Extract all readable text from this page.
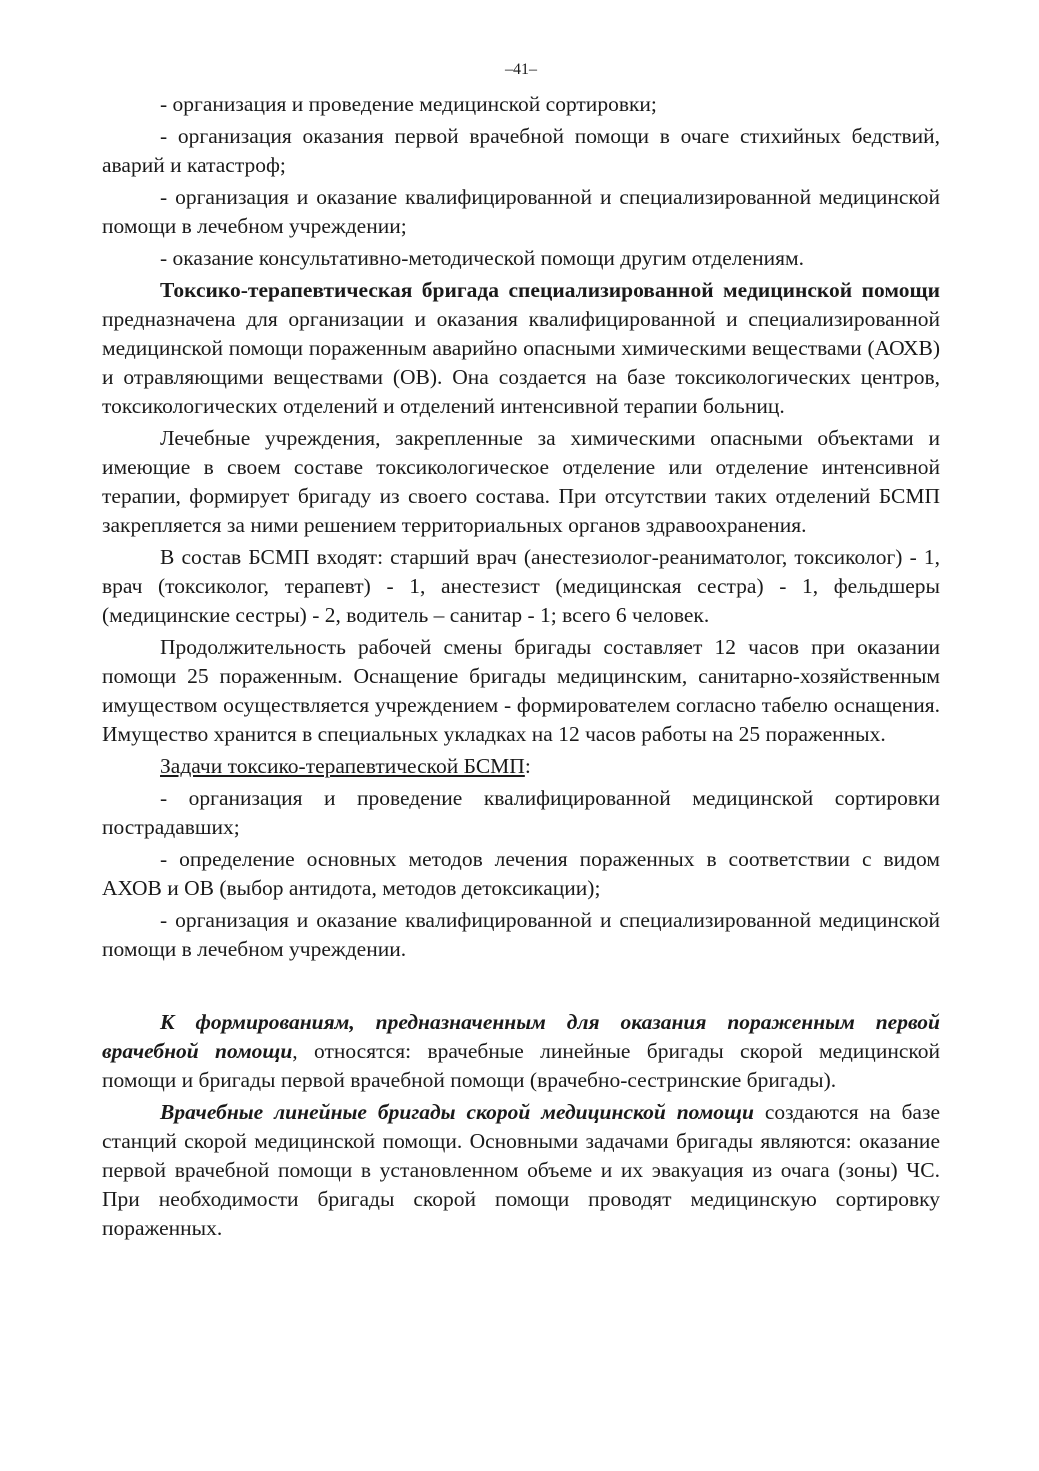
–41–

- организация и проведение медицинской сортировки;

- организация оказания первой врачебной помощи в очаге стихийных бедствий, аварий и катастроф;

- организация и оказание квалифицированной и специализированной медицинской помощи в лечебном учреждении;

- оказание консультативно-методической помощи другим отделениям.

Токсико-терапевтическая бригада специализированной медицинской помощи предназначена для организации и оказания квалифицированной и специализированной медицинской помощи пораженным аварийно опасными химическими веществами (АОХВ) и отравляющими веществами (ОВ). Она создается на базе токсикологических центров, токсикологических отделений и отделений интенсивной терапии больниц.

Лечебные учреждения, закрепленные за химическими опасными объектами и имеющие в своем составе токсикологическое отделение или отделение интенсивной терапии, формирует бригаду из своего состава. При отсутствии таких отделений БСМП закрепляется за ними решением территориальных органов здравоохранения.

В состав БСМП входят: старший врач (анестезиолог-реаниматолог, токсиколог) - 1, врач (токсиколог, терапевт) - 1, анестезист (медицинская сестра) - 1, фельдшеры (медицинские сестры) - 2, водитель – санитар - 1; всего 6 человек.

Продолжительность рабочей смены бригады составляет 12 часов при оказании помощи 25 пораженным. Оснащение бригады медицинским, санитарно-хозяйственным имуществом осуществляется учреждением - формирователем согласно табелю оснащения. Имущество хранится в специальных укладках на 12 часов работы на 25 пораженных.

Задачи токсико-терапевтической БСМП:

- организация и проведение квалифицированной медицинской сортировки пострадавших;

- определение основных методов лечения пораженных в соответствии с видом АХОВ и ОВ (выбор антидота, методов детоксикации);

- организация и оказание квалифицированной и специализированной медицинской помощи в лечебном учреждении.

К формированиям, предназначенным для оказания пораженным первой врачебной помощи, относятся: врачебные линейные бригады скорой медицинской помощи и бригады первой врачебной помощи (врачебно-сестринские бригады).

Врачебные линейные бригады скорой медицинской помощи создаются на базе станций скорой медицинской помощи. Основными задачами бригады являются: оказание первой врачебной помощи в установленном объеме и их эвакуация из очага (зоны) ЧС. При необходимости бригады скорой помощи проводят медицинскую сортировку пораженных.
